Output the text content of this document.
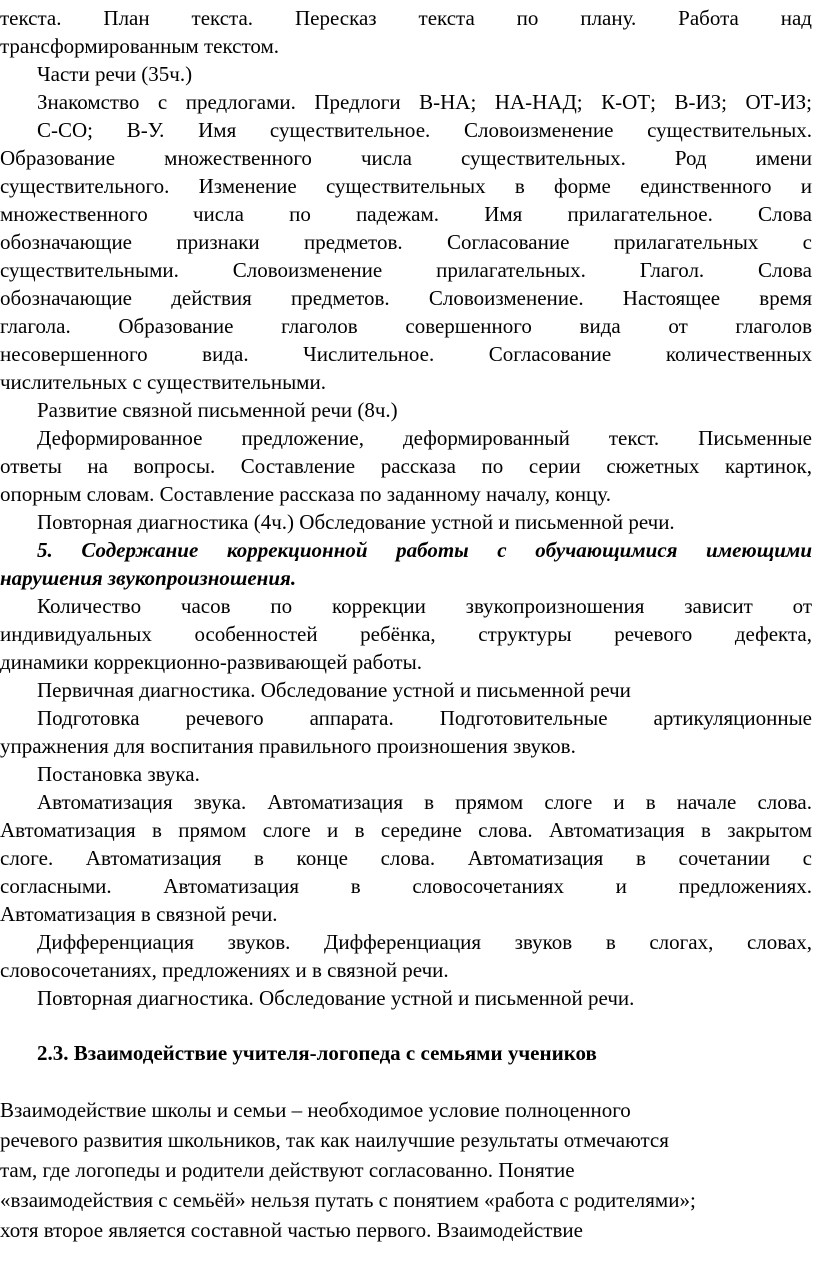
текста. План текста. Пересказ текста по плану. Работа над
трансформированным текстом.
Части речи (35ч.)
Знакомство с предлогами. Предлоги В-НА; НА-НАД; К-ОТ; В-ИЗ; ОТ-ИЗ;
С-СО; В-У. Имя существительное. Словоизменение существительных.
Образование множественного числа существительных. Род имени
существительного. Изменение существительных в форме единственного и
множественного числа по падежам. Имя прилагательное. Слова
обозначающие признаки предметов. Согласование прилагательных с
существительными. Словоизменение прилагательных. Глагол. Слова
обозначающие действия предметов. Словоизменение. Настоящее время
глагола. Образование глаголов совершенного вида от глаголов
несовершенного вида. Числительное. Согласование количественных
числительных с существительными.
Развитие связной письменной речи (8ч.)
Деформированное предложение, деформированный текст. Письменные
ответы на вопросы. Составление рассказа по серии сюжетных картинок,
опорным словам. Составление рассказа по заданному началу, концу.
Повторная диагностика (4ч.) Обследование устной и письменной речи.
5. Содержание коррекционной работы с обучающимися имеющими
нарушения звукопроизношения.
Количество часов по коррекции звукопроизношения зависит от
индивидуальных особенностей ребёнка, структуры речевого дефекта,
динамики коррекционно-развивающей работы.
Первичная диагностика. Обследование устной и письменной речи
Подготовка речевого аппарата. Подготовительные артикуляционные
упражнения для воспитания правильного произношения звуков.
Постановка звука.
Автоматизация звука. Автоматизация в прямом слоге и в начале слова.
Автоматизация в прямом слоге и в середине слова. Автоматизация в закрытом
слоге. Автоматизация в конце слова. Автоматизация в сочетании с
согласными. Автоматизация в словосочетаниях и предложениях.
Автоматизация в связной речи.
Дифференциация звуков. Дифференциация звуков в слогах, словах,
словосочетаниях, предложениях и в связной речи.
Повторная диагностика. Обследование устной и письменной речи.
2.3. Взаимодействие учителя-логопеда с семьями учеников
Взаимодействие школы и семьи – необходимое условие полноценного
речевого развития школьников, так как наилучшие результаты отмечаются
там, где логопеды и родители действуют согласованно. Понятие
«взаимодействия с семьёй» нельзя путать с понятием «работа с родителями»;
хотя второе является составной частью первого. Взаимодействие
